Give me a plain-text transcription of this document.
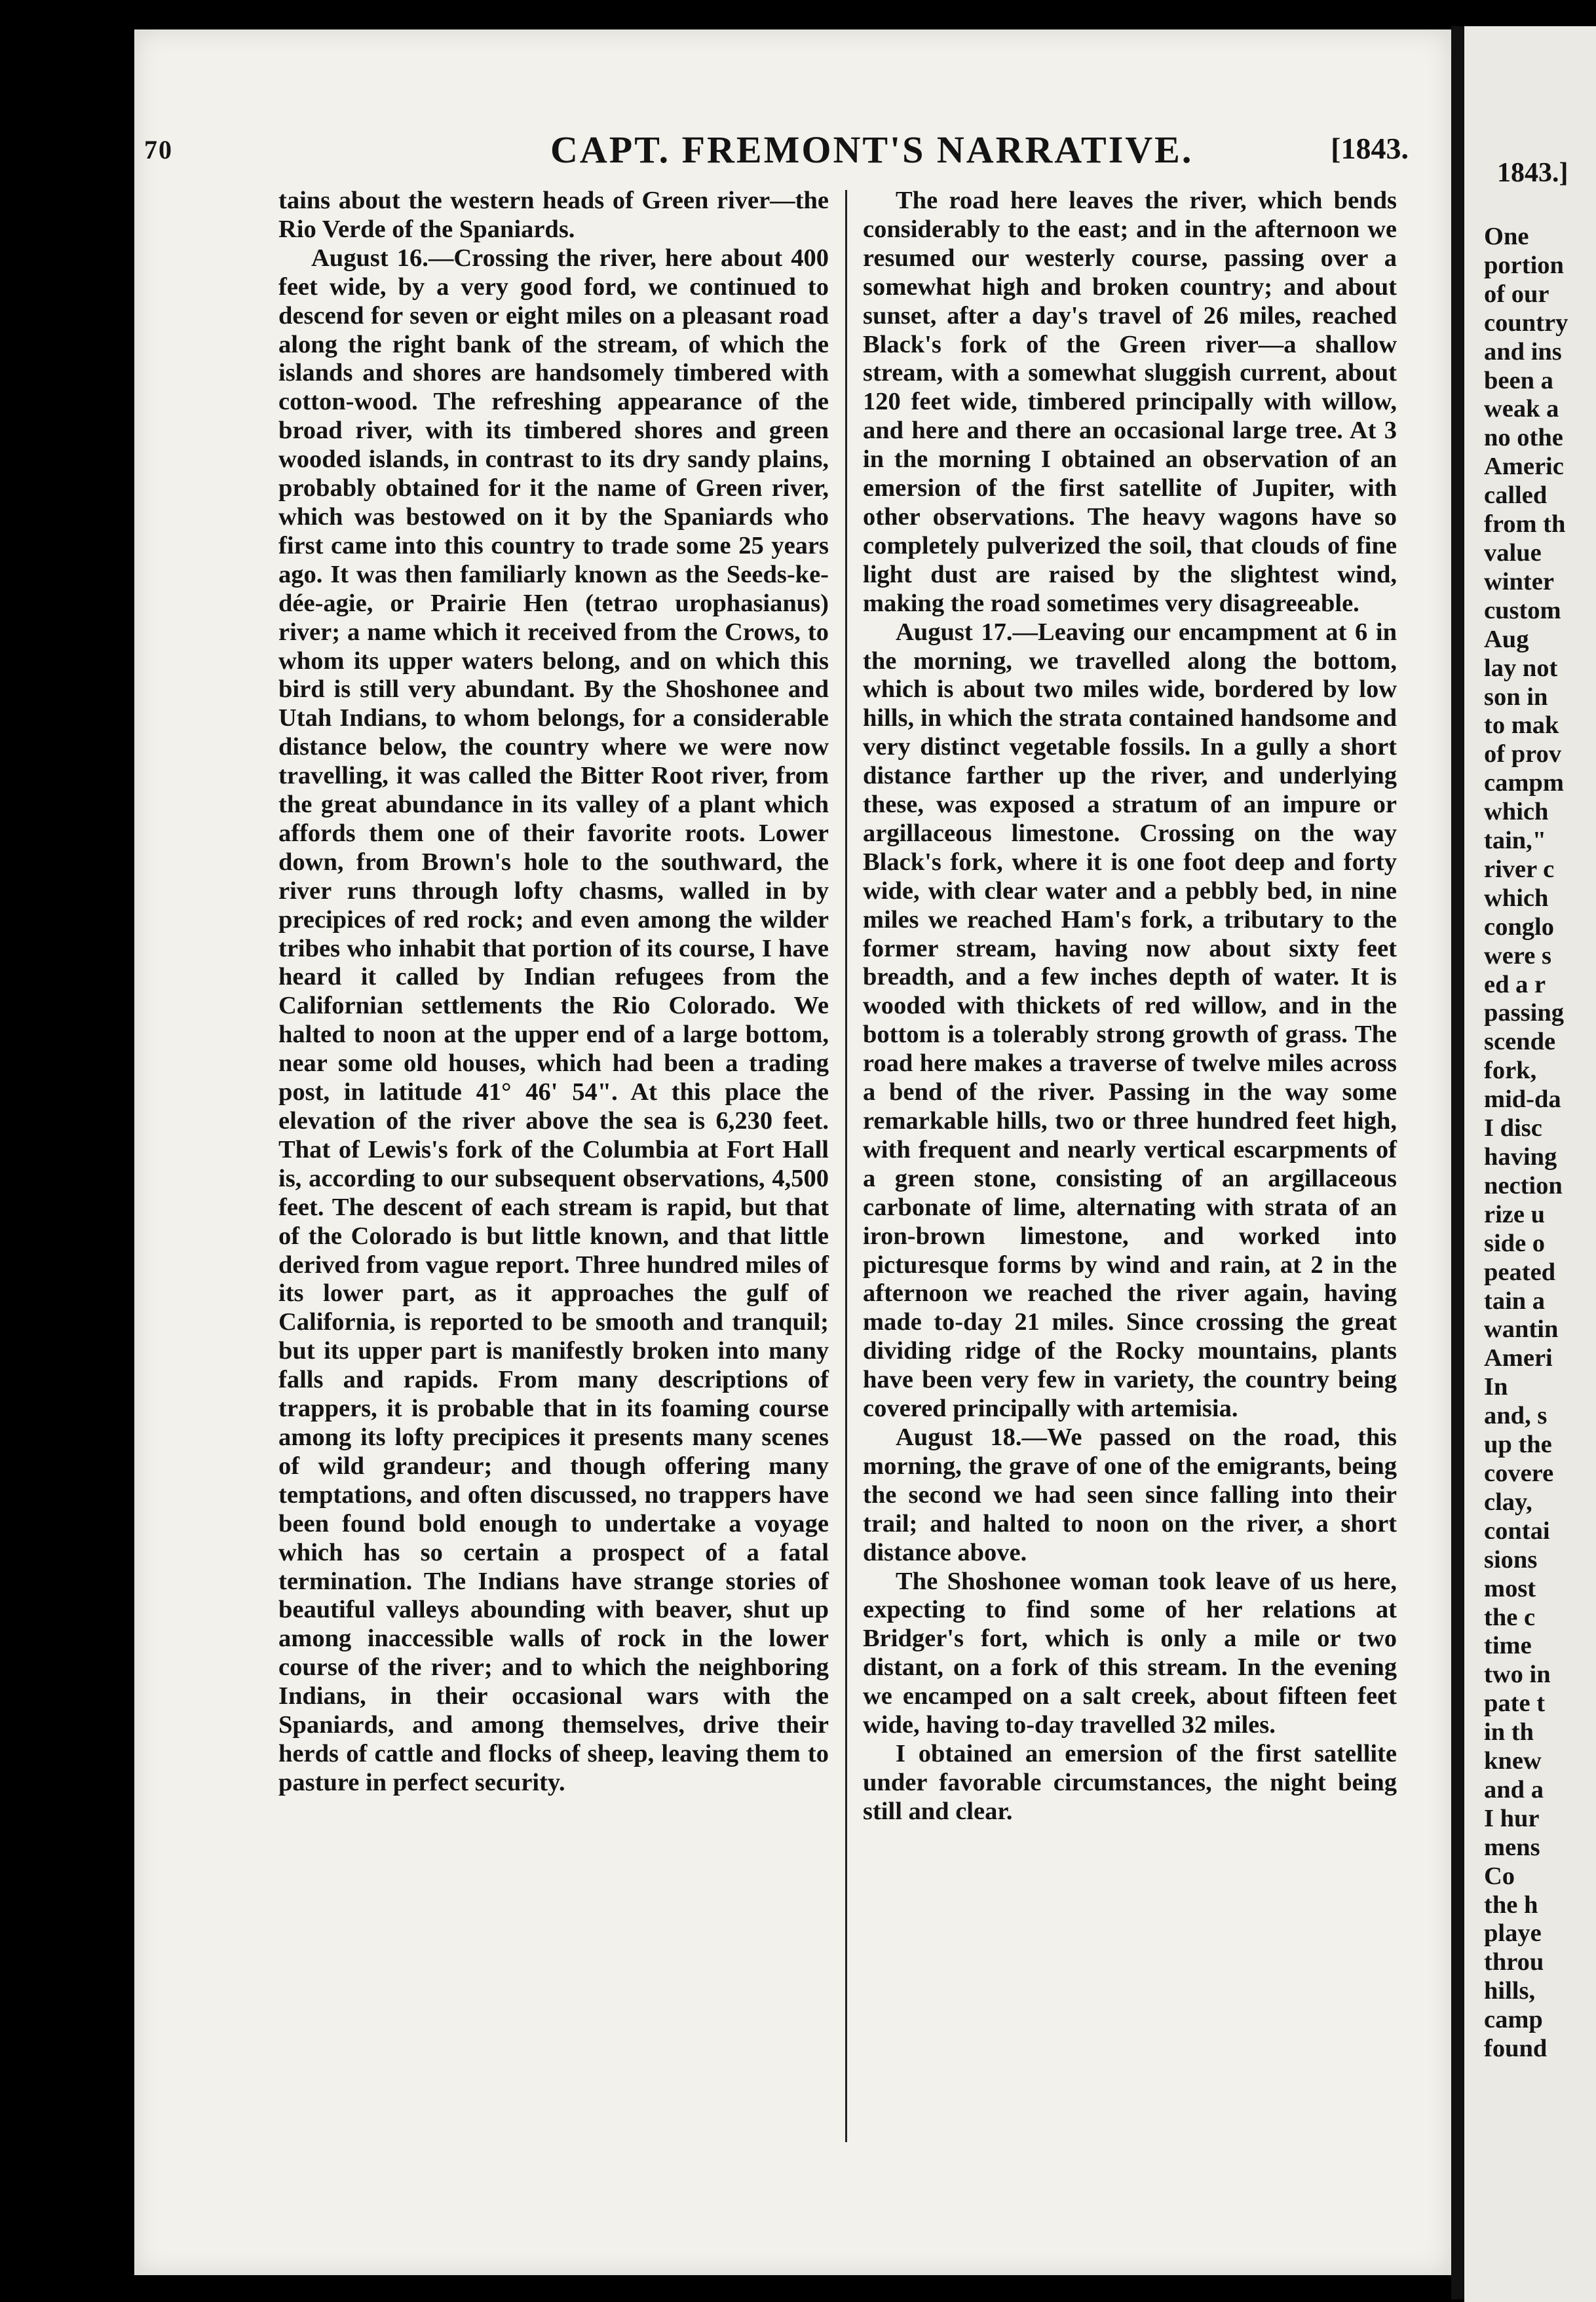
1843.]
One
portion
of our
country
and ins
been a
weak a
no othe
Americ
called
from th
value
winter
custom
Aug
lay not
son in
to mak
of prov
campm
which
tain,"
river c
which
conglo
were s
ed a r
passing
scende
fork,
mid-da
I disc
having
nection
rize u
side o
peated
tain a
wantin
Ameri
In
and, s
up the
covere
clay,
contai
sions
most
the c
time
two in
pate t
in th
knew
and a
I hur
mens
Co
the h
playe
throu
hills,
camp
found
70	CAPT. FREMONT'S NARRATIVE.	[1843.

tains about the western heads of Green river—the Rio Verde of the Spaniards.

August 16.—Crossing the river, here about 400 feet wide, by a very good ford, we continued to descend for seven or eight miles on a pleasant road along the right bank of the stream, of which the islands and shores are handsomely timbered with cotton-wood. The refreshing appearance of the broad river, with its timbered shores and green wooded islands, in contrast to its dry sandy plains, probably obtained for it the name of Green river, which was bestowed on it by the Spaniards who first came into this country to trade some 25 years ago. It was then familiarly known as the Seeds-ke-dée-agie, or Prairie Hen (tetrao urophasianus) river; a name which it received from the Crows, to whom its upper waters belong, and on which this bird is still very abundant. By the Shoshonee and Utah Indians, to whom belongs, for a considerable distance below, the country where we were now travelling, it was called the Bitter Root river, from the great abundance in its valley of a plant which affords them one of their favorite roots. Lower down, from Brown's hole to the southward, the river runs through lofty chasms, walled in by precipices of red rock; and even among the wilder tribes who inhabit that portion of its course, I have heard it called by Indian refugees from the Californian settlements the Rio Colorado. We halted to noon at the upper end of a large bottom, near some old houses, which had been a trading post, in latitude 41° 46' 54". At this place the elevation of the river above the sea is 6,230 feet. That of Lewis's fork of the Columbia at Fort Hall is, according to our subsequent observations, 4,500 feet. The descent of each stream is rapid, but that of the Colorado is but little known, and that little derived from vague report. Three hundred miles of its lower part, as it approaches the gulf of California, is reported to be smooth and tranquil; but its upper part is manifestly broken into many falls and rapids. From many descriptions of trappers, it is probable that in its foaming course among its lofty precipices it presents many scenes of wild grandeur; and though offering many temptations, and often discussed, no trappers have been found bold enough to undertake a voyage which has so certain a prospect of a fatal termination. The Indians have strange stories of beautiful valleys abounding with beaver, shut up among inaccessible walls of rock in the lower course of the river; and to which the neighboring Indians, in their occasional wars with the Spaniards, and among themselves, drive their herds of cattle and flocks of sheep, leaving them to pasture in perfect security.

The road here leaves the river, which bends considerably to the east; and in the afternoon we resumed our westerly course, passing over a somewhat high and broken country; and about sunset, after a day's travel of 26 miles, reached Black's fork of the Green river—a shallow stream, with a somewhat sluggish current, about 120 feet wide, timbered principally with willow, and here and there an occasional large tree. At 3 in the morning I obtained an observation of an emersion of the first satellite of Jupiter, with other observations. The heavy wagons have so completely pulverized the soil, that clouds of fine light dust are raised by the slightest wind, making the road sometimes very disagreeable.

August 17.—Leaving our encampment at 6 in the morning, we travelled along the bottom, which is about two miles wide, bordered by low hills, in which the strata contained handsome and very distinct vegetable fossils. In a gully a short distance farther up the river, and underlying these, was exposed a stratum of an impure or argillaceous limestone. Crossing on the way Black's fork, where it is one foot deep and forty wide, with clear water and a pebbly bed, in nine miles we reached Ham's fork, a tributary to the former stream, having now about sixty feet breadth, and a few inches depth of water. It is wooded with thickets of red willow, and in the bottom is a tolerably strong growth of grass. The road here makes a traverse of twelve miles across a bend of the river. Passing in the way some remarkable hills, two or three hundred feet high, with frequent and nearly vertical escarpments of a green stone, consisting of an argillaceous carbonate of lime, alternating with strata of an iron-brown limestone, and worked into picturesque forms by wind and rain, at 2 in the afternoon we reached the river again, having made to-day 21 miles. Since crossing the great dividing ridge of the Rocky mountains, plants have been very few in variety, the country being covered principally with artemisia.

August 18.—We passed on the road, this morning, the grave of one of the emigrants, being the second we had seen since falling into their trail; and halted to noon on the river, a short distance above.

The Shoshonee woman took leave of us here, expecting to find some of her relations at Bridger's fort, which is only a mile or two distant, on a fork of this stream. In the evening we encamped on a salt creek, about fifteen feet wide, having to-day travelled 32 miles.

I obtained an emersion of the first satellite under favorable circumstances, the night being still and clear.
